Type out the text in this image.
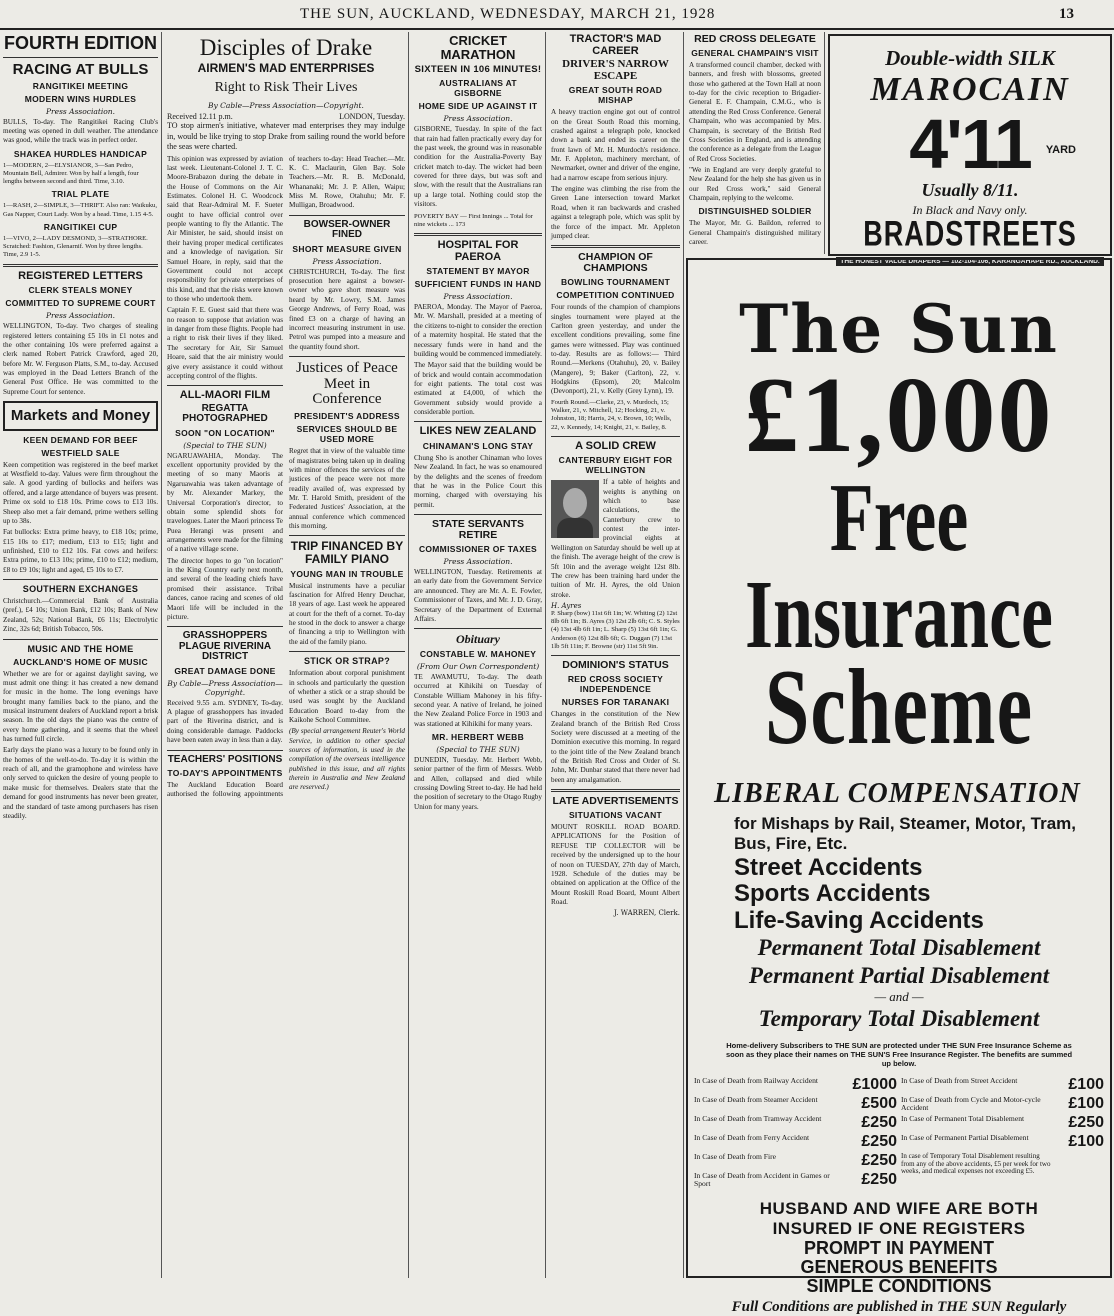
THE SUN, AUCKLAND, WEDNESDAY, MARCH 21, 1928	13
FOURTH EDITION
RACING AT BULLS
RANGITIKEI MEETING
MODERN WINS HURDLES
Press Association.

BULLS, To-day. The Rangitikei Racing Club's meeting was opened in dull weather. The attendance was good, while the track was in perfect order.

SHAKEA HURDLES HANDICAP

1—MODERN, 2—ELYSIANOR, 3—San Pedro, Mountain Bell, Admirer. Won by half a length, four lengths between second and third. Time, 3.10.

TRIAL PLATE

1—RASH, 2—SIMPLE, 3—THRIFT. Also ran: Waikuku, Gas Napper, Court Lady. Won by a head. Time, 1.15 4-5.

RANGITIKEI CUP

1—VIVO, 2—LADY DESMOND, 3—STRATHORE. Scratched: Fashion, Glenarnif. Won by three lengths. Time, 2.9 1-5.

REGISTERED LETTERS
CLERK STEALS MONEY
COMMITTED TO SUPREME COURT
Press Association.

WELLINGTON, To-day. Two charges of stealing registered letters containing £5 10s in £1 notes and the other containing 10s were preferred against a clerk named Robert Patrick Crawford, aged 20, before Mr. W. Ferguson Platts, S.M., to-day. Accused was employed in the Dead Letters Branch of the General Post Office. He was committed to the Supreme Court for sentence.

Markets and Money
KEEN DEMAND FOR BEEF
WESTFIELD SALE

Keen competition was registered in the beef market at Westfield to-day. Values were firm throughout the sale. A good yarding of bullocks and heifers was offered, and a large attendance of buyers was present. Prime ox sold to £18 10s. Prime cows to £13 10s. Sheep also met a fair demand, prime wethers selling up to 38s.

Fat bullocks: Extra prime heavy, to £18 10s; prime, £15 10s to £17; medium, £13 to £15; light and unfinished, £10 to £12 10s. Fat cows and heifers: Extra prime, to £13 10s; prime, £10 to £12; medium, £8 to £9 10s; light and aged, £5 10s to £7.

SOUTHERN EXCHANGES

Christchurch.—Commercial Bank of Australia (pref.), £4 10s; Union Bank, £12 10s; Bank of New Zealand, 52s; National Bank, £6 11s; Electrolytic Zinc, 32s 6d; British Tobacco, 50s.

MUSIC AND THE HOME
AUCKLAND'S HOME OF MUSIC

Whether we are for or against daylight saving, we must admit one thing: it has created a new demand for music in the home. The long evenings have brought many families back to the piano, and the musical instrument dealers of Auckland report a brisk season. In the old days the piano was the centre of every home gathering, and it seems that the wheel has turned full circle.

Early days the piano was a luxury to be found only in the homes of the well-to-do. To-day it is within the reach of all, and the gramophone and wireless have only served to quicken the desire of young people to make music for themselves. Dealers state that the demand for good instruments has never been greater, and the standard of taste among purchasers has risen steadily.

Disciples of Drake
AIRMEN'S MAD ENTERPRISES
Right to Risk Their Lives
By Cable—Press Association—Copyright.
Received 12.11 p.m.	LONDON, Tuesday.

TO stop airmen's initiative, whatever mad enterprises they may indulge in, would be like trying to stop Drake from sailing round the world before the seas were charted.

This opinion was expressed by aviation last week. Lieutenant-Colonel J. T. C. Moore-Brabazon during the debate in the House of Commons on the Air Estimates. Colonel H. C. Woodcock said that Rear-Admiral M. F. Sueter ought to have official control over people wanting to fly the Atlantic. The Air Minister, he said, should insist on their having proper medical certificates and a knowledge of navigation. Sir Samuel Hoare, in reply, said that the Government could not accept responsibility for private enterprises of this kind, and that the risks were known to those who undertook them.

Captain F. E. Guest said that there was no reason to suppose that aviation was in danger from these flights. People had a right to risk their lives if they liked. The secretary for Air, Sir Samuel Hoare, said that the air ministry would give every assistance it could without accepting control of the flights.

ALL-MAORI FILM
REGATTA PHOTOGRAPHED
SOON "ON LOCATION"
(Special to THE SUN)

NGARUAWAHIA, Monday. The excellent opportunity provided by the meeting of so many Maoris at Ngaruawahia was taken advantage of by Mr. Alexander Markey, the Universal Corporation's director, to obtain some splendid shots for travelogues. Later the Maori princess Te Puea Herangi was present and arrangements were made for the filming of a native village scene.

The director hopes to go "on location" in the King Country early next month, and several of the leading chiefs have promised their assistance. Tribal dances, canoe racing and scenes of old Maori life will be included in the picture.

GRASSHOPPERS PLAGUE RIVERINA DISTRICT
GREAT DAMAGE DONE
By Cable—Press Association—Copyright.

Received 9.55 a.m. SYDNEY, To-day. A plague of grasshoppers has invaded part of the Riverina district, and is doing considerable damage. Paddocks have been eaten away in less than a day.

TEACHERS' POSITIONS
TO-DAY'S APPOINTMENTS

The Auckland Education Board authorised the following appointments of teachers to-day: Head Teacher.—Mr. K. C. Maclaurin, Glen Bay. Sole Teachers.—Mr. R. B. McDonald, Whananaki; Mr. J. P. Allen, Waipu; Miss M. Rowe, Otahuhu; Mr. F. Mulligan, Broadwood.

BOWSER-OWNER FINED
SHORT MEASURE GIVEN
Press Association.

CHRISTCHURCH, To-day. The first prosecution here against a bowser-owner who gave short measure was heard by Mr. Lowry, S.M. James George Andrews, of Ferry Road, was fined £3 on a charge of having an incorrect measuring instrument in use. Petrol was pumped into a measure and the quantity found short.

Justices of Peace Meet in Conference
PRESIDENT'S ADDRESS
SERVICES SHOULD BE USED MORE

Regret that in view of the valuable time of magistrates being taken up in dealing with minor offences the services of the justices of the peace were not more readily availed of, was expressed by Mr. T. Harold Smith, president of the Federated Justices' Association, at the annual conference which commenced this morning.

TRIP FINANCED BY FAMILY PIANO
YOUNG MAN IN TROUBLE

Musical instruments have a peculiar fascination for Alfred Henry Deuchar, 18 years of age. Last week he appeared at court for the theft of a cornet. To-day he stood in the dock to answer a charge of financing a trip to Wellington with the aid of the family piano.

STICK OR STRAP?

Information about corporal punishment in schools and particularly the question of whether a stick or a strap should be used was sought by the Auckland Education Board to-day from the Kaikohe School Committee.

(By special arrangement Reuter's World Service, in addition to other special sources of information, is used in the compilation of the overseas intelligence published in this issue, and all rights therein in Australia and New Zealand are reserved.)

CRICKET MARATHON
SIXTEEN IN 106 MINUTES!
AUSTRALIANS AT GISBORNE
HOME SIDE UP AGAINST IT
Press Association.

GISBORNE, Tuesday. In spite of the fact that rain had fallen practically every day for the past week, the ground was in reasonable condition for the Australia-Poverty Bay cricket match to-day. The wicket had been covered for three days, but was soft and slow, with the result that the Australians ran up a large total. Nothing could stop the visitors.

POVERTY BAY — First Innings ... Total for nine wickets ... 173

HOSPITAL FOR PAEROA
STATEMENT BY MAYOR
SUFFICIENT FUNDS IN HAND
Press Association.

PAEROA, Monday. The Mayor of Paeroa, Mr. W. Marshall, presided at a meeting of the citizens to-night to consider the erection of a maternity hospital. He stated that the necessary funds were in hand and the building would be commenced immediately.

The Mayor said that the building would be of brick and would contain accommodation for eight patients. The total cost was estimated at £4,000, of which the Government subsidy would provide a considerable portion.

LIKES NEW ZEALAND
CHINAMAN'S LONG STAY

Chung Sho is another Chinaman who loves New Zealand. In fact, he was so enamoured by the delights and the scenes of freedom that he was in the Police Court this morning, charged with overstaying his permit.

STATE SERVANTS RETIRE
COMMISSIONER OF TAXES
Press Association.

WELLINGTON, Tuesday. Retirements at an early date from the Government Service are announced. They are Mr. A. E. Fowler, Commissioner of Taxes, and Mr. J. D. Gray, Secretary of the Department of External Affairs.

Obituary
CONSTABLE W. MAHONEY
(From Our Own Correspondent)

TE AWAMUTU, To-day. The death occurred at Kihikihi on Tuesday of Constable William Mahoney in his fifty-second year. A native of Ireland, he joined the New Zealand Police Force in 1903 and was stationed at Kihikihi for many years.

MR. HERBERT WEBB
(Special to THE SUN)

DUNEDIN, Tuesday. Mr. Herbert Webb, senior partner of the firm of Messrs. Webb and Allen, collapsed and died while crossing Dowling Street to-day. He had held the position of secretary to the Otago Rugby Union for many years.

TRACTOR'S MAD CAREER
DRIVER'S NARROW ESCAPE
GREAT SOUTH ROAD MISHAP

A heavy traction engine got out of control on the Great South Road this morning, crashed against a telegraph pole, knocked down a bank and ended its career on the front lawn of Mr. H. Murdoch's residence. Mr. F. Appleton, machinery merchant, of Newmarket, owner and driver of the engine, had a narrow escape from serious injury.

The engine was climbing the rise from the Green Lane intersection toward Market Road, when it ran backwards and crashed against a telegraph pole, which was split by the force of the impact. Mr. Appleton jumped clear.

CHAMPION OF CHAMPIONS
BOWLING TOURNAMENT
COMPETITION CONTINUED

Four rounds of the champion of champions singles tournament were played at the Carlton green yesterday, and under the excellent conditions prevailing, some fine games were witnessed. Play was continued to-day. Results are as follows:— Third Round.—Merkens (Otahuhu), 20, v. Bailey (Mangere), 9; Baker (Carlton), 22, v. Hodgkins (Epsom), 20; Malcolm (Devonport), 21, v. Kelly (Grey Lynn), 19.

Fourth Round.—Clarke, 23, v. Murdoch, 15; Walker, 21, v. Mitchell, 12; Hocking, 21, v. Johnston, 18; Harris, 24, v. Brown, 10; Wells, 22, v. Kennedy, 14; Knight, 21, v. Bailey, 8.

A SOLID CREW
CANTERBURY EIGHT FOR WELLINGTON

If a table of heights and weights is anything on which to base calculations, the Canterbury crew to contest the inter-provincial eights at Wellington on Saturday should be well up at the finish. The average height of the crew is 5ft 10in and the average weight 12st 8lb. The crew has been training hard under the tuition of Mr. H. Ayres, the old Union stroke.

H. Ayres

P. Sharp (bow) 11st 6ft 1in; W. Whiting (2) 12st 8lb 6ft 1in; B. Ayres (3) 12st 2lb 6ft; C. S. Styles (4) 13st 4lb 6ft 1in; L. Sharp (5) 13st 6ft 1in; G. Anderson (6) 12st 8lb 6ft; G. Duggan (7) 13st 1lb 5ft 11in; F. Browne (str) 11st 5ft 9in.

DOMINION'S STATUS
RED CROSS SOCIETY INDEPENDENCE
NURSES FOR TARANAKI

Changes in the constitution of the New Zealand branch of the British Red Cross Society were discussed at a meeting of the Dominion executive this morning. In regard to the joint title of the New Zealand branch of the British Red Cross and Order of St. John, Mr. Dunbar stated that there never had been any amalgamation.

LATE ADVERTISEMENTS
SITUATIONS VACANT

MOUNT ROSKILL ROAD BOARD. APPLICATIONS for the Position of REFUSE TIP COLLECTOR will be received by the undersigned up to the hour of noon on TUESDAY, 27th day of March, 1928. Schedule of the duties may be obtained on application at the Office of the Mount Roskill Road Board, Mount Albert Road.

J. WARREN, Clerk.
RED CROSS DELEGATE
GENERAL CHAMPAIN'S VISIT

A transformed council chamber, decked with banners, and fresh with blossoms, greeted those who gathered at the Town Hall at noon to-day for the civic reception to Brigadier-General E. F. Champain, C.M.G., who is attending the Red Cross Conference. General Champain, who was accompanied by Mrs. Champain, is secretary of the British Red Cross Societies in England, and is attending the conference as a delegate from the League of Red Cross Societies.

"We in England are very deeply grateful to New Zealand for the help she has given us in our Red Cross work," said General Champain, replying to the welcome.

DISTINGUISHED SOLDIER

The Mayor, Mr. G. Baildon, referred to General Champain's distinguished military career.

Double-width SILK
MAROCAIN
4'11 YARD
Usually 8/11.
In Black and Navy only.
BRADSTREETS
THE HONEST VALUE DRAPERS — 102-104-106, KARANGAHAPE RD., AUCKLAND.
The Sun
£1,000
Free Insurance
Scheme
LIBERAL COMPENSATION
for Mishaps by Rail, Steamer, Motor, Tram, Bus, Fire, Etc.
Street Accidents
Sports Accidents
Life-Saving Accidents
Permanent Total Disablement
Permanent Partial Disablement
— and —
Temporary Total Disablement
Home-delivery Subscribers to THE SUN are protected under THE SUN Free Insurance Scheme as soon as they place their names on THE SUN'S Free Insurance Register. The benefits are summed up below.
In Case of Death from Railway Accident
In Case of Death from Steamer Accident
In Case of Death from Tramway Accident
In Case of Death from Ferry Accident
In Case of Death from Fire
In Case of Death from Accident in Games or Sport
£1000
£500
£250
£250
£250
£250
In Case of Death from Street Accident
In Case of Death from Cycle and Motor-cycle Accident
In Case of Permanent Total Disablement
In Case of Permanent Partial Disablement
In case of Temporary Total Disablement resulting from any of the above accidents, £5 per week for two weeks, and medical expenses not exceeding £5.
£100
£100
£250
£100
HUSBAND AND WIFE ARE BOTH
INSURED IF ONE REGISTERS
PROMPT IN PAYMENT
GENEROUS BENEFITS
SIMPLE CONDITIONS
Full Conditions are published in THE SUN Regularly
